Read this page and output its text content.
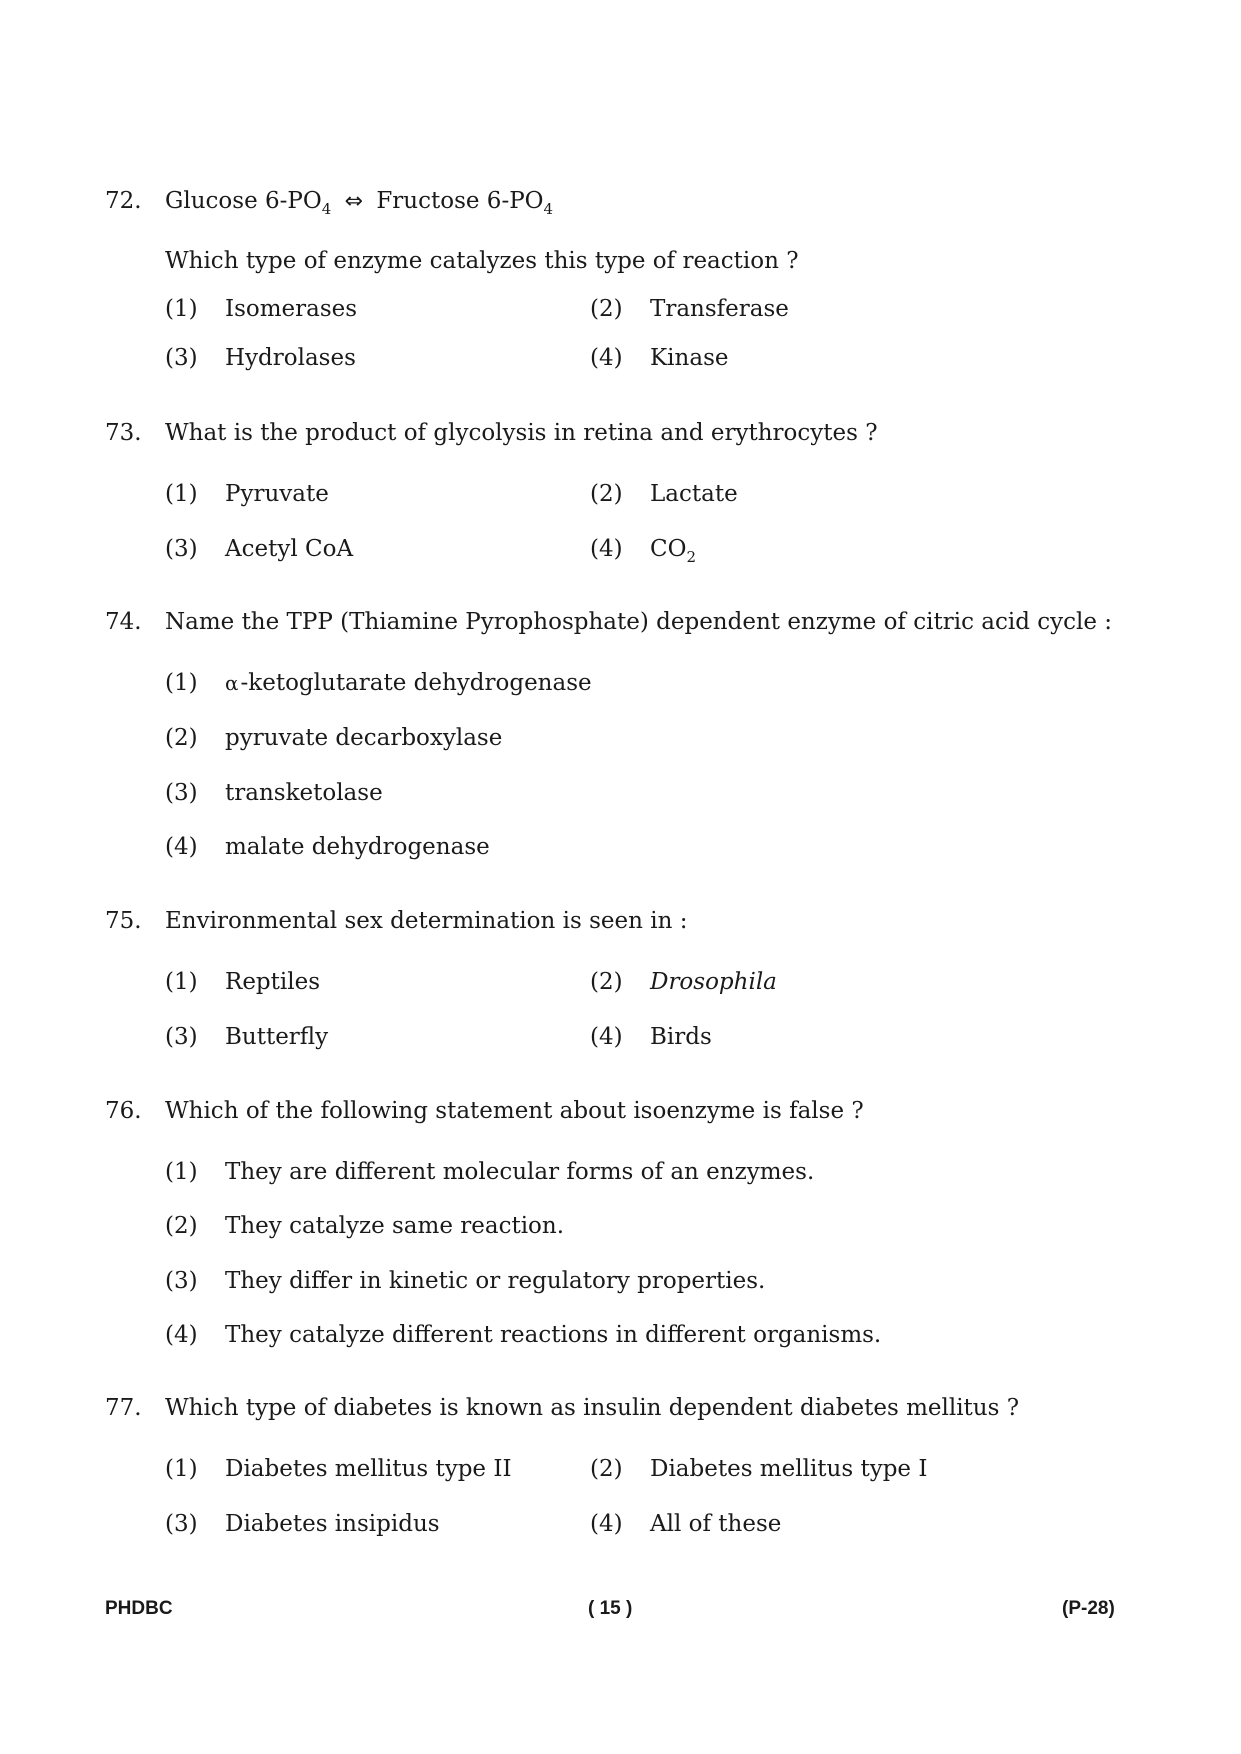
72. Glucose $6-PO_4$ ⇔ Fructose $6-PO_4$
Which type of enzyme catalyzes this type of reaction ?
(1) Isomerases	(2) Transferase
(3) Hydrolases	(4) Kinase
73. What is the product of glycolysis in retina and erythrocytes ?
(1) Pyruvate	(2) Lactate
(3) Acetyl CoA	(4) $CO_2$
74. Name the TPP (Thiamine Pyrophosphate) dependent enzyme of citric acid cycle :
(1) α-ketoglutarate dehydrogenase
(2) pyruvate decarboxylase
(3) transketolase
(4) malate dehydrogenase
75. Environmental sex determination is seen in :
(1) Reptiles	(2) Drosophila
(3) Butterfly	(4) Birds
76. Which of the following statement about isoenzyme is false ?
(1) They are different molecular forms of an enzymes.
(2) They catalyze same reaction.
(3) They differ in kinetic or regulatory properties.
(4) They catalyze different reactions in different organisms.
77. Which type of diabetes is known as insulin dependent diabetes mellitus ?
(1) Diabetes mellitus type II	(2) Diabetes mellitus type I
(3) Diabetes insipidus	(4) All of these
PHDBC	( 15 )	(P-28)
